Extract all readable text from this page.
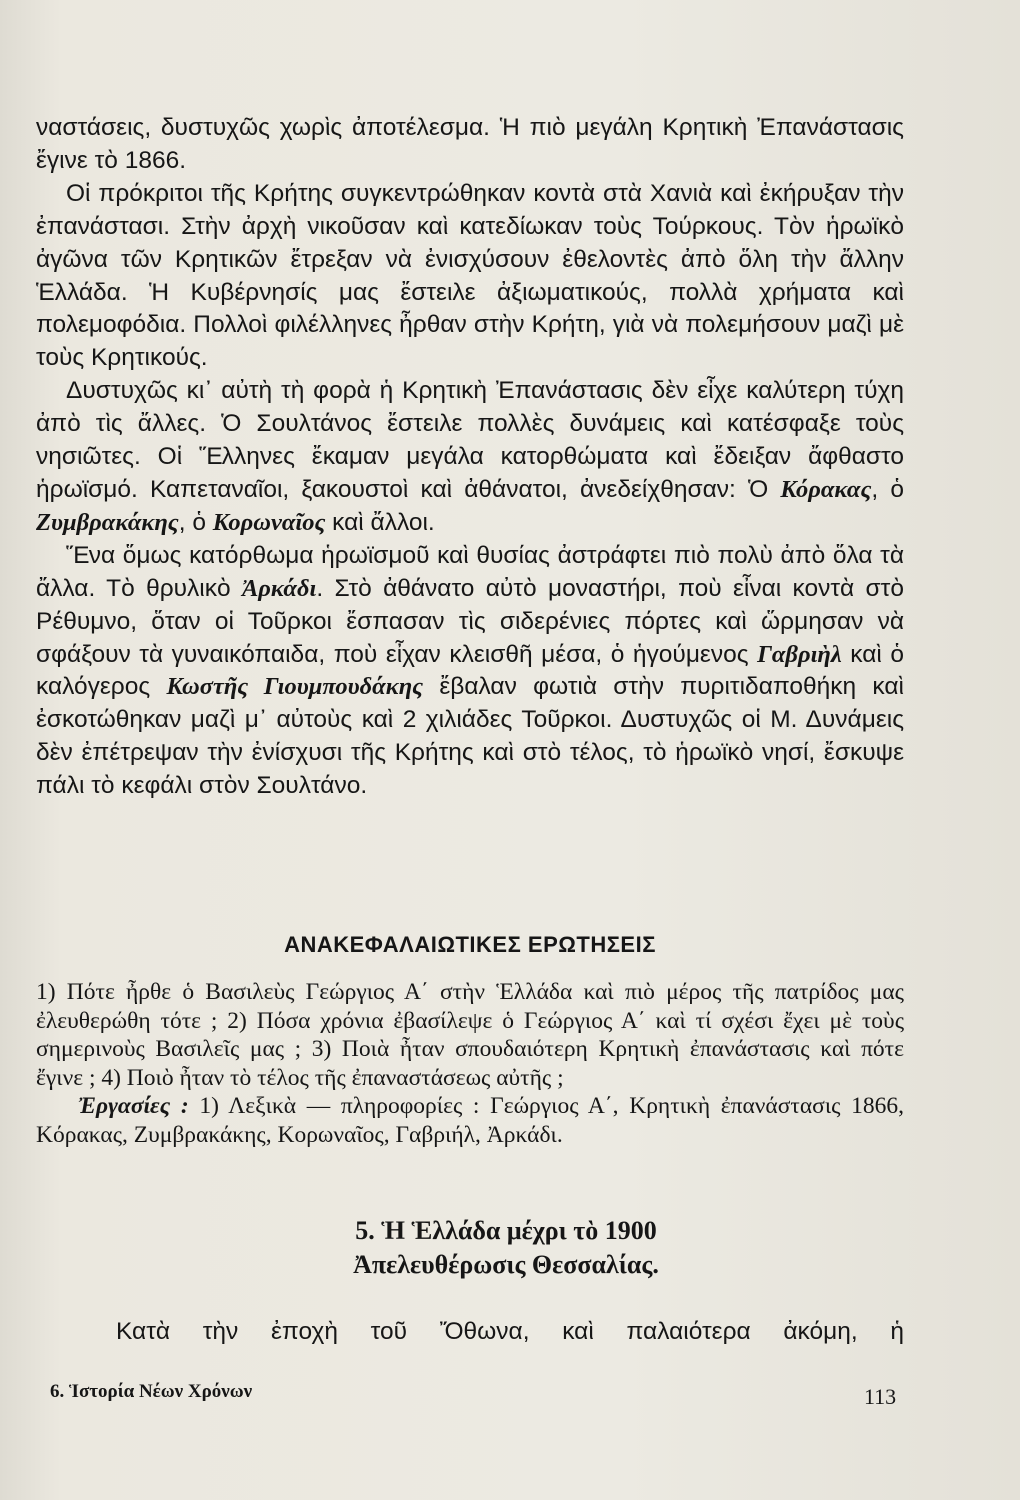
ναστάσεις, δυστυχῶς χωρὶς ἀποτέλεσμα. Ἡ πιὸ μεγάλη Κρητικὴ Ἐπανάστασις ἔγινε τὸ 1866.

Οἱ πρόκριτοι τῆς Κρήτης συγκεντρώθηκαν κοντὰ στὰ Χανιὰ καὶ ἐκήρυξαν τὴν ἐπανάστασι. Στὴν ἀρχὴ νικοῦσαν καὶ κατεδίωκαν τοὺς Τούρκους. Τὸν ἡρωϊκὸ ἀγῶνα τῶν Κρητικῶν ἔτρεξαν νὰ ἐνισχύσουν ἐθελοντὲς ἀπὸ ὅλη τὴν ἄλλην Ἑλλάδα. Ἡ Κυβέρνησίς μας ἔστειλε ἀξιωματικούς, πολλὰ χρήματα καὶ πολεμοφόδια. Πολλοὶ φιλέλληνες ἦρθαν στὴν Κρήτη, γιὰ νὰ πολεμήσουν μαζὶ μὲ τοὺς Κρητικούς.

Δυστυχῶς κι᾽ αὐτὴ τὴ φορὰ ἡ Κρητικὴ Ἐπανάστασις δὲν εἶχε καλύτερη τύχη ἀπὸ τὶς ἄλλες. Ὁ Σουλτάνος ἔστειλε πολλὲς δυνάμεις καὶ κατέσφαξε τοὺς νησιῶτες. Οἱ Ἕλληνες ἔκαμαν μεγάλα κατορθώματα καὶ ἔδειξαν ἄφθαστο ἡρωϊσμό. Καπεταναῖοι, ξακουστοὶ καὶ ἀθάνατοι, ἀνεδείχθησαν: Ὁ Κόρακας, ὁ Ζυμβρακάκης, ὁ Κορωναῖος καὶ ἄλλοι.

Ἕνα ὅμως κατόρθωμα ἡρωϊσμοῦ καὶ θυσίας ἀστράφτει πιὸ πολὺ ἀπὸ ὅλα τὰ ἄλλα. Τὸ θρυλικὸ Ἀρκάδι. Στὸ ἀθάνατο αὐτὸ μοναστήρι, ποὺ εἶναι κοντὰ στὸ Ρέθυμνο, ὅταν οἱ Τοῦρκοι ἔσπασαν τὶς σιδερένιες πόρτες καὶ ὥρμησαν νὰ σφάξουν τὰ γυναικόπαιδα, ποὺ εἶχαν κλεισθῆ μέσα, ὁ ἡγούμενος Γαβριὴλ καὶ ὁ καλόγερος Κωστῆς Γιουμπουδάκης ἔβαλαν φωτιὰ στὴν πυριτιδαποθήκη καὶ ἐσκοτώθηκαν μαζὶ μ᾽ αὐτοὺς καὶ 2 χιλιάδες Τοῦρκοι. Δυστυχῶς οἱ Μ. Δυνάμεις δὲν ἐπέτρεψαν τὴν ἐνίσχυσι τῆς Κρήτης καὶ στὸ τέλος, τὸ ἡρωϊκὸ νησί, ἔσκυψε πάλι τὸ κεφάλι στὸν Σουλτάνο.

ΑΝΑΚΕΦΑΛΑΙΩΤΙΚΕΣ ΕΡΩΤΗΣΕΙΣ

1) Πότε ἦρθε ὁ Βασιλεὺς Γεώργιος Α΄ στὴν Ἑλλάδα καὶ πιὸ μέρος τῆς πατρίδος μας ἐλευθερώθη τότε ; 2) Πόσα χρόνια ἐβασίλεψε ὁ Γεώργιος Α΄ καὶ τί σχέσι ἔχει μὲ τοὺς σημερινοὺς Βασιλεῖς μας ; 3) Ποιὰ ἦταν σπουδαιότερη Κρητικὴ ἐπανάστασις καὶ πότε ἔγινε ; 4) Ποιὸ ἦταν τὸ τέλος τῆς ἐπαναστάσεως αὐτῆς ;

Ἐργασίες : 1) Λεξικὰ — πληροφορίες : Γεώργιος Α΄, Κρητικὴ ἐπανάστασις 1866, Κόρακας, Ζυμβρακάκης, Κορωναῖος, Γαβριήλ, Ἀρκάδι.

5. Ἡ Ἑλλάδα μέχρι τὸ 1900
Ἀπελευθέρωσις Θεσσαλίας.
Κατὰ τὴν ἐποχὴ τοῦ Ὄθωνα, καὶ παλαιότερα ἀκόμη, ἡ
6. Ἱστορία Νέων Χρόνων	113
